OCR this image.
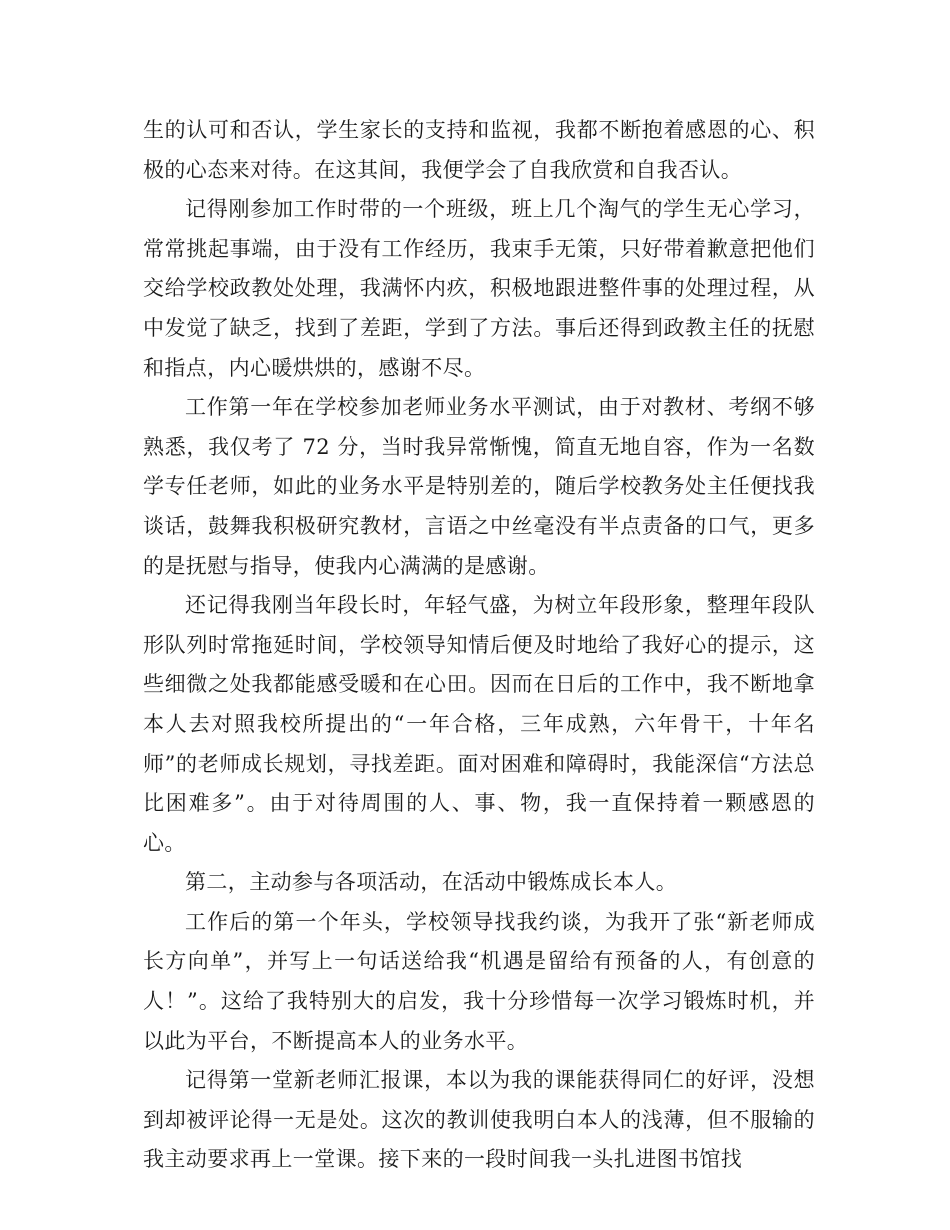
生的认可和否认，学生家长的支持和监视，我都不断抱着感恩的心、积极的心态来对待。在这其间，我便学会了自我欣赏和自我否认。

记得刚参加工作时带的一个班级，班上几个淘气的学生无心学习，常常挑起事端，由于没有工作经历，我束手无策，只好带着歉意把他们交给学校政教处处理，我满怀内疚，积极地跟进整件事的处理过程，从中发觉了缺乏，找到了差距，学到了方法。事后还得到政教主任的抚慰和指点，内心暖烘烘的，感谢不尽。

工作第一年在学校参加老师业务水平测试，由于对教材、考纲不够熟悉，我仅考了 72 分，当时我异常惭愧，简直无地自容，作为一名数学专任老师，如此的业务水平是特别差的，随后学校教务处主任便找我谈话，鼓舞我积极研究教材，言语之中丝毫没有半点责备的口气，更多的是抚慰与指导，使我内心满满的是感谢。

还记得我刚当年段长时，年轻气盛，为树立年段形象，整理年段队形队列时常拖延时间，学校领导知情后便及时地给了我好心的提示，这些细微之处我都能感受暖和在心田。因而在日后的工作中，我不断地拿本人去对照我校所提出的“一年合格，三年成熟，六年骨干，十年名师”的老师成长规划，寻找差距。面对困难和障碍时，我能深信“方法总比困难多”。由于对待周围的人、事、物，我一直保持着一颗感恩的心。

第二，主动参与各项活动，在活动中锻炼成长本人。

工作后的第一个年头，学校领导找我约谈，为我开了张“新老师成长方向单”，并写上一句话送给我“机遇是留给有预备的人，有创意的人！”。这给了我特别大的启发，我十分珍惜每一次学习锻炼时机，并以此为平台，不断提高本人的业务水平。

记得第一堂新老师汇报课，本以为我的课能获得同仁的好评，没想到却被评论得一无是处。这次的教训使我明白本人的浅薄，但不服输的我主动要求再上一堂课。接下来的一段时间我一头扎进图书馆找
